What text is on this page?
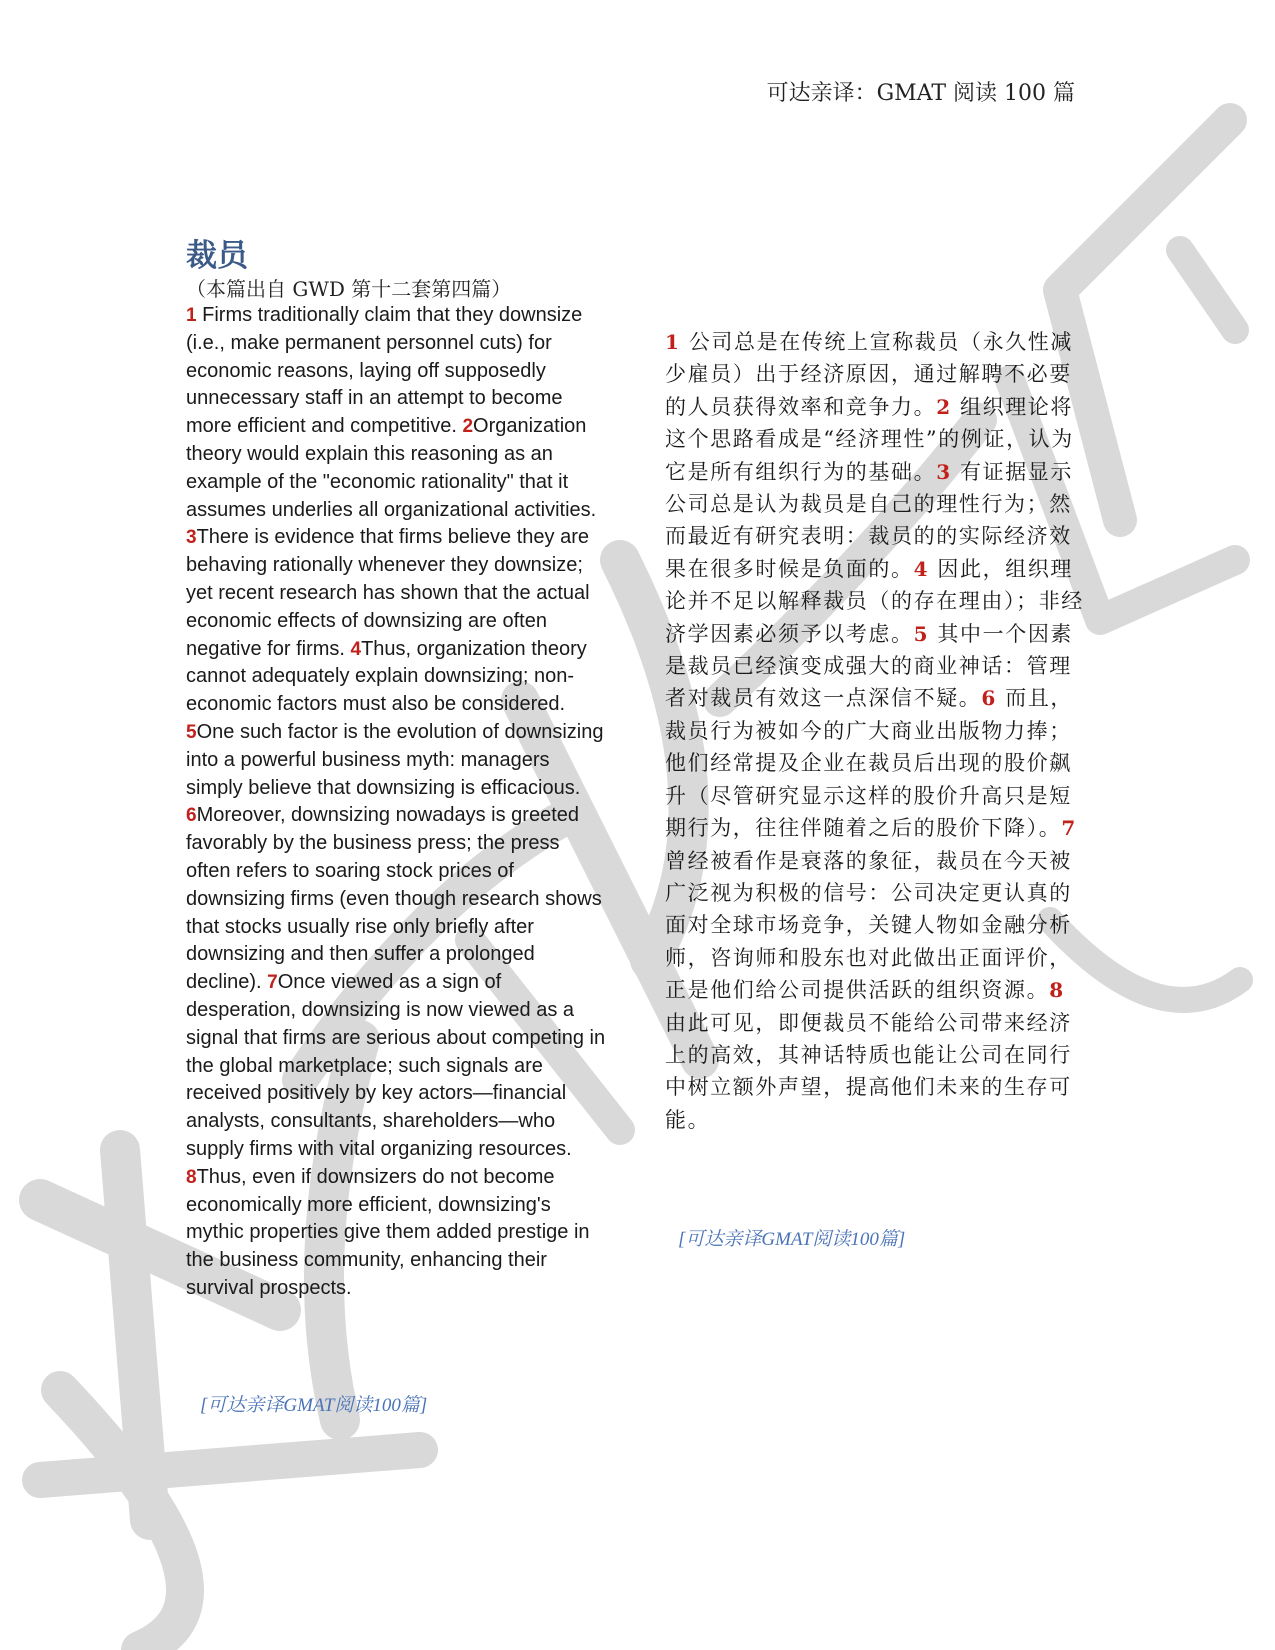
可达亲译：GMAT 阅读 100 篇
裁员
（本篇出自 GWD 第十二套第四篇）
1 Firms traditionally claim that they downsize (i.e., make permanent personnel cuts) for economic reasons, laying off supposedly unnecessary staff in an attempt to become more efficient and competitive. 2Organization theory would explain this reasoning as an example of the "economic rationality" that it assumes underlies all organizational activities. 3There is evidence that firms believe they are behaving rationally whenever they downsize; yet recent research has shown that the actual economic effects of downsizing are often negative for firms. 4Thus, organization theory cannot adequately explain downsizing; non-economic factors must also be considered. 5One such factor is the evolution of downsizing into a powerful business myth: managers simply believe that downsizing is efficacious. 6Moreover, downsizing nowadays is greeted favorably by the business press; the press often refers to soaring stock prices of downsizing firms (even though research shows that stocks usually rise only briefly after downsizing and then suffer a prolonged decline). 7Once viewed as a sign of desperation, downsizing is now viewed as a signal that firms are serious about competing in the global marketplace; such signals are received positively by key actors—financial analysts, consultants, shareholders—who supply firms with vital organizing resources. 8Thus, even if downsizers do not become economically more efficient, downsizing's mythic properties give them added prestige in the business community, enhancing their survival prospects.
1 公司总是在传统上宣称裁员（永久性减少雇员）出于经济原因，通过解聘不必要的人员获得效率和竞争力。2 组织理论将这个思路看成是“经济理性”的例证，认为它是所有组织行为的基础。3 有证据显示公司总是认为裁员是自己的理性行为；然而最近有研究表明：裁员的的实际经济效果在很多时候是负面的。4 因此，组织理论并不足以解释裁员（的存在理由）；非经济学因素必须予以考虑。5 其中一个因素是裁员已经演变成强大的商业神话：管理者对裁员有效这一点深信不疑。6 而且，裁员行为被如今的广大商业出版物力捧；他们经常提及企业在裁员后出现的股价飙升（尽管研究显示这样的股价升高只是短期行为，往往伴随着之后的股价下降）。7 曾经被看作是衰落的象征，裁员在今天被广泛视为积极的信号：公司决定更认真的面对全球市场竞争，关键人物如金融分析师，咨询师和股东也对此做出正面评价，正是他们给公司提供活跃的组织资源。8 由此可见，即便裁员不能给公司带来经济上的高效，其神话特质也能让公司在同行中树立额外声望，提高他们未来的生存可能。
[可达亲译GMAT阅读100篇]
[可达亲译GMAT阅读100篇]
